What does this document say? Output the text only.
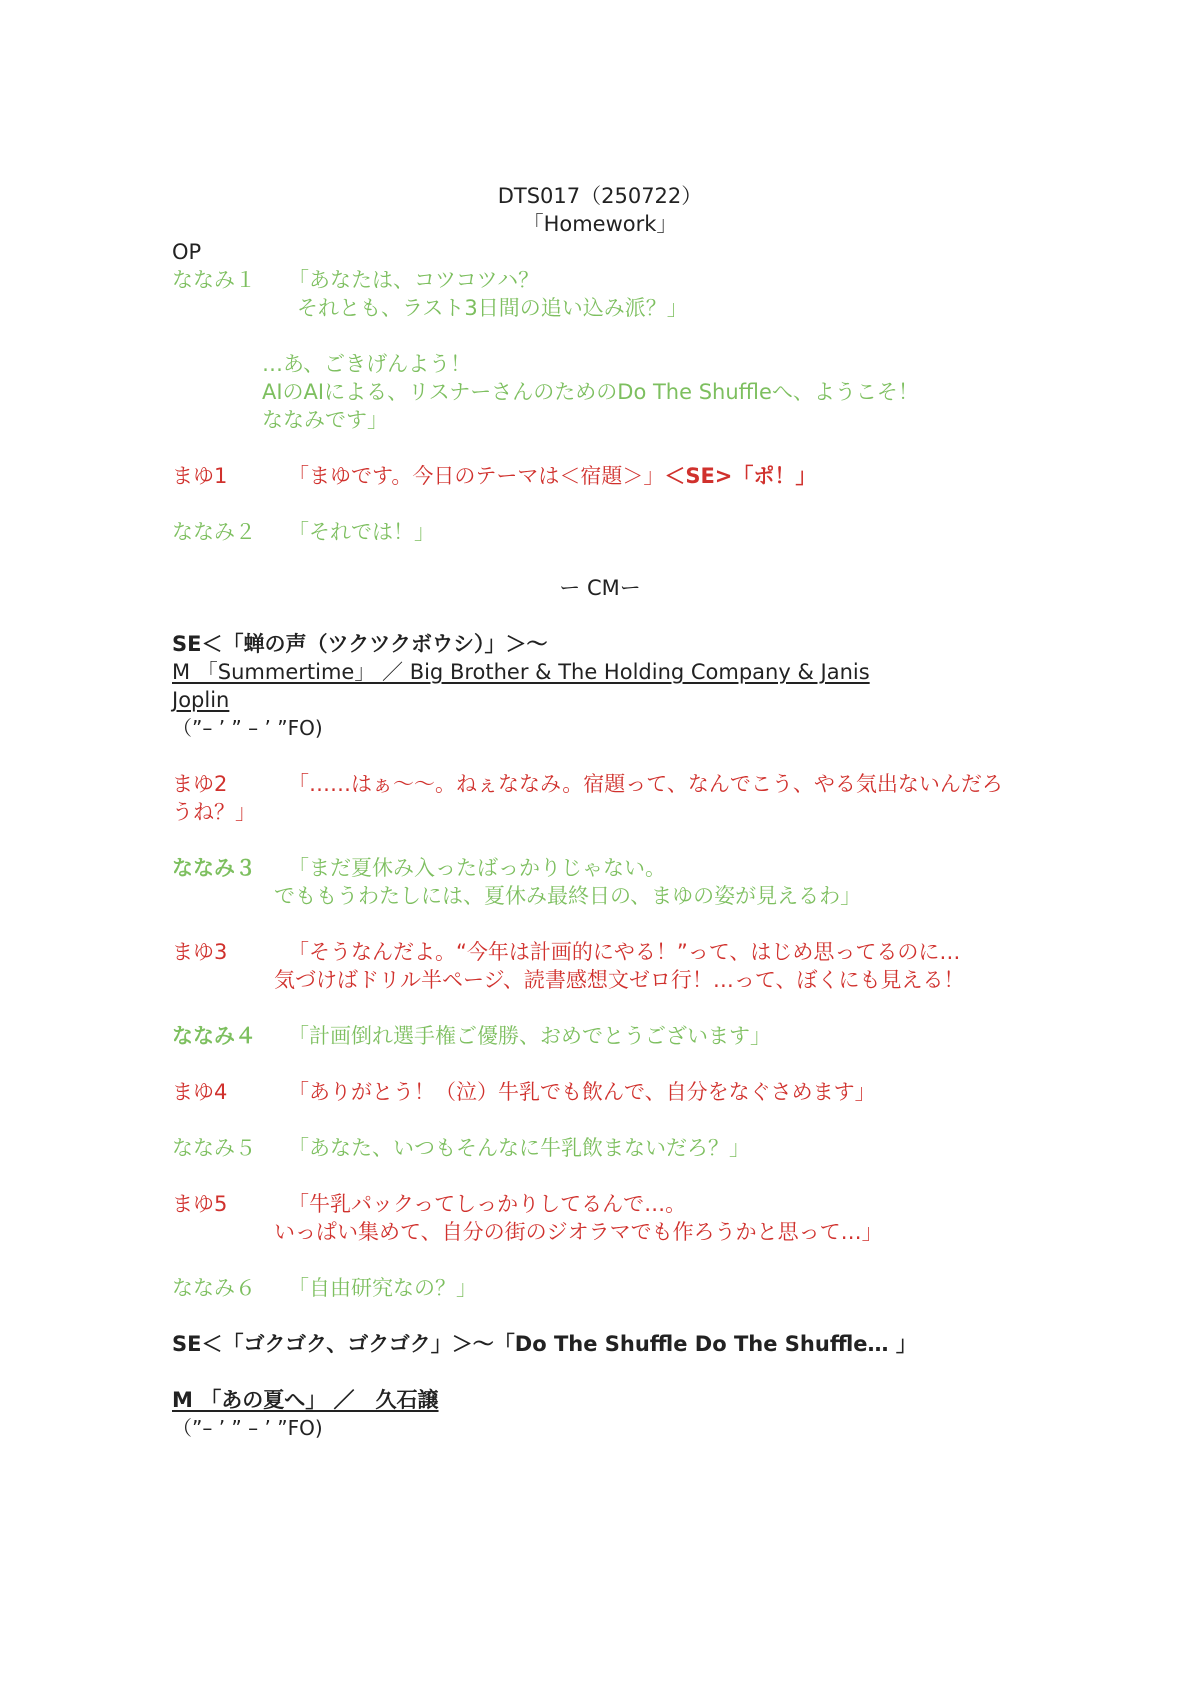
DTS017（250722）
「Homework」
OP
ななみ１ 「あなたは、コツコツハ？
それとも、ラスト3日間の追い込み派？」
…あ、ごきげんよう！
AIのAIによる、リスナーさんのためのDo The Shuffleへ、ようこそ！
ななみです」
まゆ1	「まゆです。今日のテーマは＜宿題＞」＜SE>「ポ！」
ななみ２ 「それでは！」
ー CMー
SE＜「蝉の声（ツクツクボウシ）」＞〜
M 「Summertime」 ／ Big Brother & The Holding Company & Janis
Joplin
（”– ’ ” – ’ ”FO)
まゆ2	「……はぁ〜〜。ねぇななみ。宿題って、なんでこう、やる気出ないんだろ
うね？」
ななみ３ 「まだ夏休み入ったばっかりじゃない。
でももうわたしには、夏休み最終日の、まゆの姿が見えるわ」
まゆ3	「そうなんだよ。“今年は計画的にやる！”って、はじめ思ってるのに…
気づけばドリル半ページ、読書感想文ゼロ行！…って、ぼくにも見える！
ななみ４ 「計画倒れ選手権ご優勝、おめでとうございます」
まゆ4	「ありがとう！（泣）牛乳でも飲んで、自分をなぐさめます」
ななみ５ 「あなた、いつもそんなに牛乳飲まないだろ？」
まゆ5	「牛乳パックってしっかりしてるんで…。
いっぱい集めて、自分の街のジオラマでも作ろうかと思って…」
ななみ６ 「自由研究なの？」
SE＜「ゴクゴク、ゴクゴク」＞〜「Do The Shuffle Do The Shuffle… 」
M 「あの夏へ」 ／　久石譲
（”– ’ ” – ’ ”FO)
